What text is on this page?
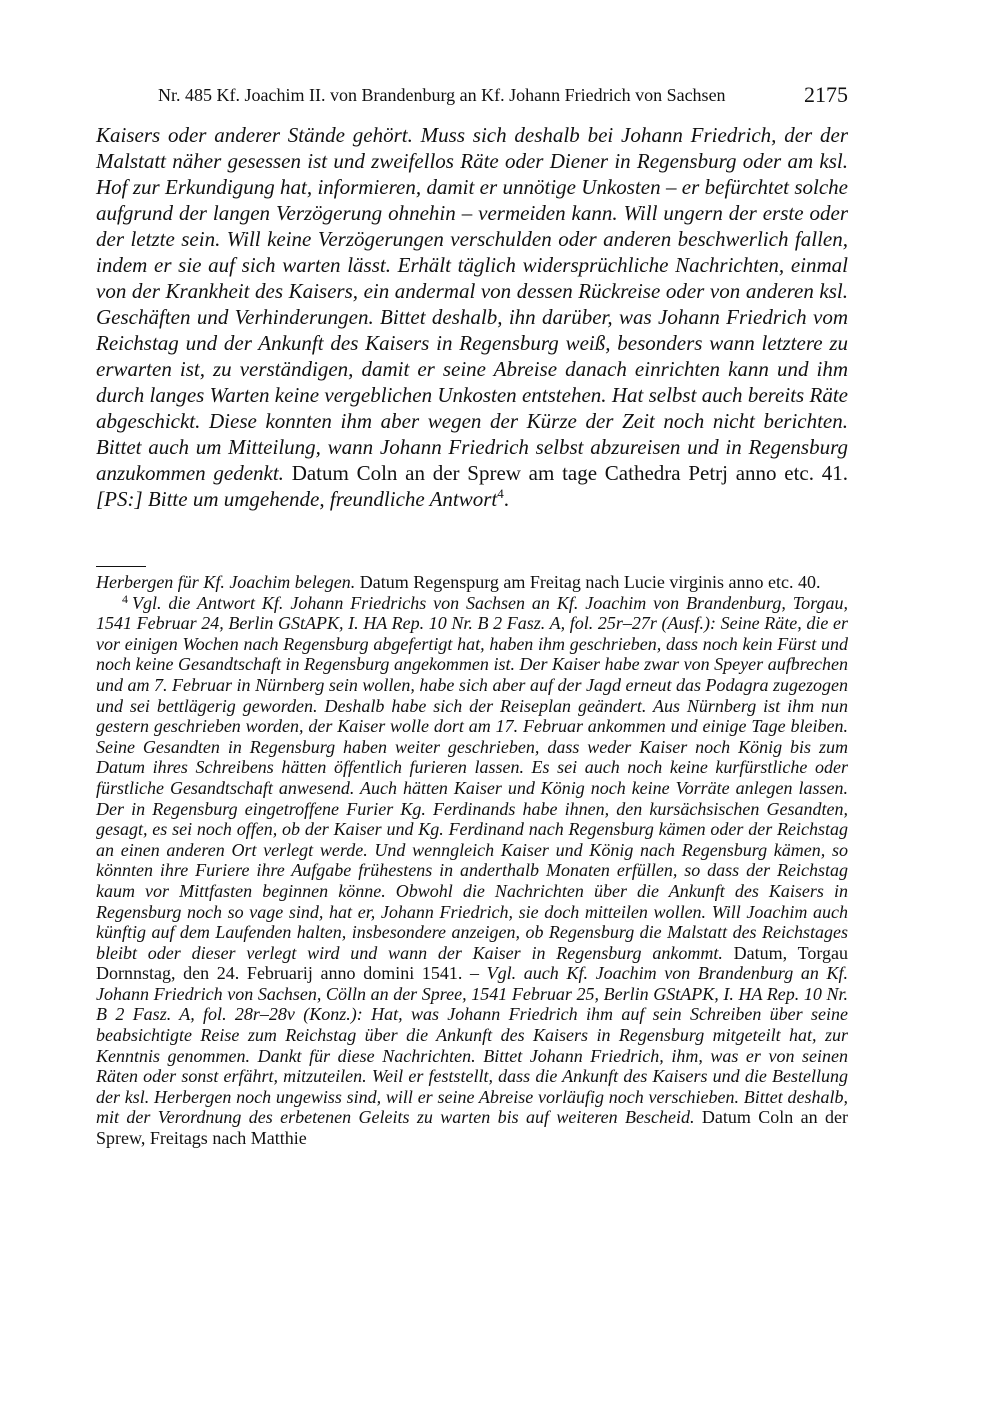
Nr. 485 Kf. Joachim II. von Brandenburg an Kf. Johann Friedrich von Sachsen	2175

Kaisers oder anderer Stände gehört. Muss sich deshalb bei Johann Friedrich, der der Malstatt näher gesessen ist und zweifellos Räte oder Diener in Regensburg oder am ksl. Hof zur Erkundigung hat, informieren, damit er unnötige Unkosten – er befürchtet solche aufgrund der langen Verzögerung ohnehin – vermeiden kann. Will ungern der erste oder der letzte sein. Will keine Verzögerungen verschulden oder anderen beschwerlich fallen, indem er sie auf sich warten lässt. Erhält täglich widersprüchliche Nachrichten, einmal von der Krankheit des Kaisers, ein andermal von dessen Rückreise oder von anderen ksl. Geschäften und Verhinderungen. Bittet deshalb, ihn darüber, was Johann Friedrich vom Reichstag und der Ankunft des Kaisers in Regensburg weiß, besonders wann letztere zu erwarten ist, zu verständigen, damit er seine Abreise danach einrichten kann und ihm durch langes Warten keine vergeblichen Unkosten entstehen. Hat selbst auch bereits Räte abgeschickt. Diese konnten ihm aber wegen der Kürze der Zeit noch nicht berichten. Bittet auch um Mitteilung, wann Johann Friedrich selbst abzureisen und in Regensburg anzukommen gedenkt. Datum Coln an der Sprew am tage Cathedra Petrj anno etc. 41. [PS:] Bitte um umgehende, freundliche Antwort$^4$.

Herbergen für Kf. Joachim belegen. Datum Regenspurg am Freitag nach Lucie virginis anno etc. 40.

$^4$ Vgl. die Antwort Kf. Johann Friedrichs von Sachsen an Kf. Joachim von Brandenburg, Torgau, 1541 Februar 24, Berlin GStAPK, I. HA Rep. 10 Nr. B 2 Fasz. A, fol. 25r–27r (Ausf.): Seine Räte, die er vor einigen Wochen nach Regensburg abgefertigt hat, haben ihm geschrieben, dass noch kein Fürst und noch keine Gesandtschaft in Regensburg angekommen ist. Der Kaiser habe zwar von Speyer aufbrechen und am 7. Februar in Nürnberg sein wollen, habe sich aber auf der Jagd erneut das Podagra zugezogen und sei bettlägerig geworden. Deshalb habe sich der Reiseplan geändert. Aus Nürnberg ist ihm nun gestern geschrieben worden, der Kaiser wolle dort am 17. Februar ankommen und einige Tage bleiben. Seine Gesandten in Regensburg haben weiter geschrieben, dass weder Kaiser noch König bis zum Datum ihres Schreibens hätten öffentlich furieren lassen. Es sei auch noch keine kurfürstliche oder fürstliche Gesandtschaft anwesend. Auch hätten Kaiser und König noch keine Vorräte anlegen lassen. Der in Regensburg eingetroffene Furier Kg. Ferdinands habe ihnen, den kursächsischen Gesandten, gesagt, es sei noch offen, ob der Kaiser und Kg. Ferdinand nach Regensburg kämen oder der Reichstag an einen anderen Ort verlegt werde. Und wenngleich Kaiser und König nach Regensburg kämen, so könnten ihre Furiere ihre Aufgabe frühestens in anderthalb Monaten erfüllen, so dass der Reichstag kaum vor Mittfasten beginnen könne. Obwohl die Nachrichten über die Ankunft des Kaisers in Regensburg noch so vage sind, hat er, Johann Friedrich, sie doch mitteilen wollen. Will Joachim auch künftig auf dem Laufenden halten, insbesondere anzeigen, ob Regensburg die Malstatt des Reichstages bleibt oder dieser verlegt wird und wann der Kaiser in Regensburg ankommt. Datum, Torgau Dornnstag, den 24. Februarij anno domini 1541. – Vgl. auch Kf. Joachim von Brandenburg an Kf. Johann Friedrich von Sachsen, Cölln an der Spree, 1541 Februar 25, Berlin GStAPK, I. HA Rep. 10 Nr. B 2 Fasz. A, fol. 28r–28v (Konz.): Hat, was Johann Friedrich ihm auf sein Schreiben über seine beabsichtigte Reise zum Reichstag über die Ankunft des Kaisers in Regensburg mitgeteilt hat, zur Kenntnis genommen. Dankt für diese Nachrichten. Bittet Johann Friedrich, ihm, was er von seinen Räten oder sonst erfährt, mitzuteilen. Weil er feststellt, dass die Ankunft des Kaisers und die Bestellung der ksl. Herbergen noch ungewiss sind, will er seine Abreise vorläufig noch verschieben. Bittet deshalb, mit der Verordnung des erbetenen Geleits zu warten bis auf weiteren Bescheid. Datum Coln an der Sprew, Freitags nach Matthie
